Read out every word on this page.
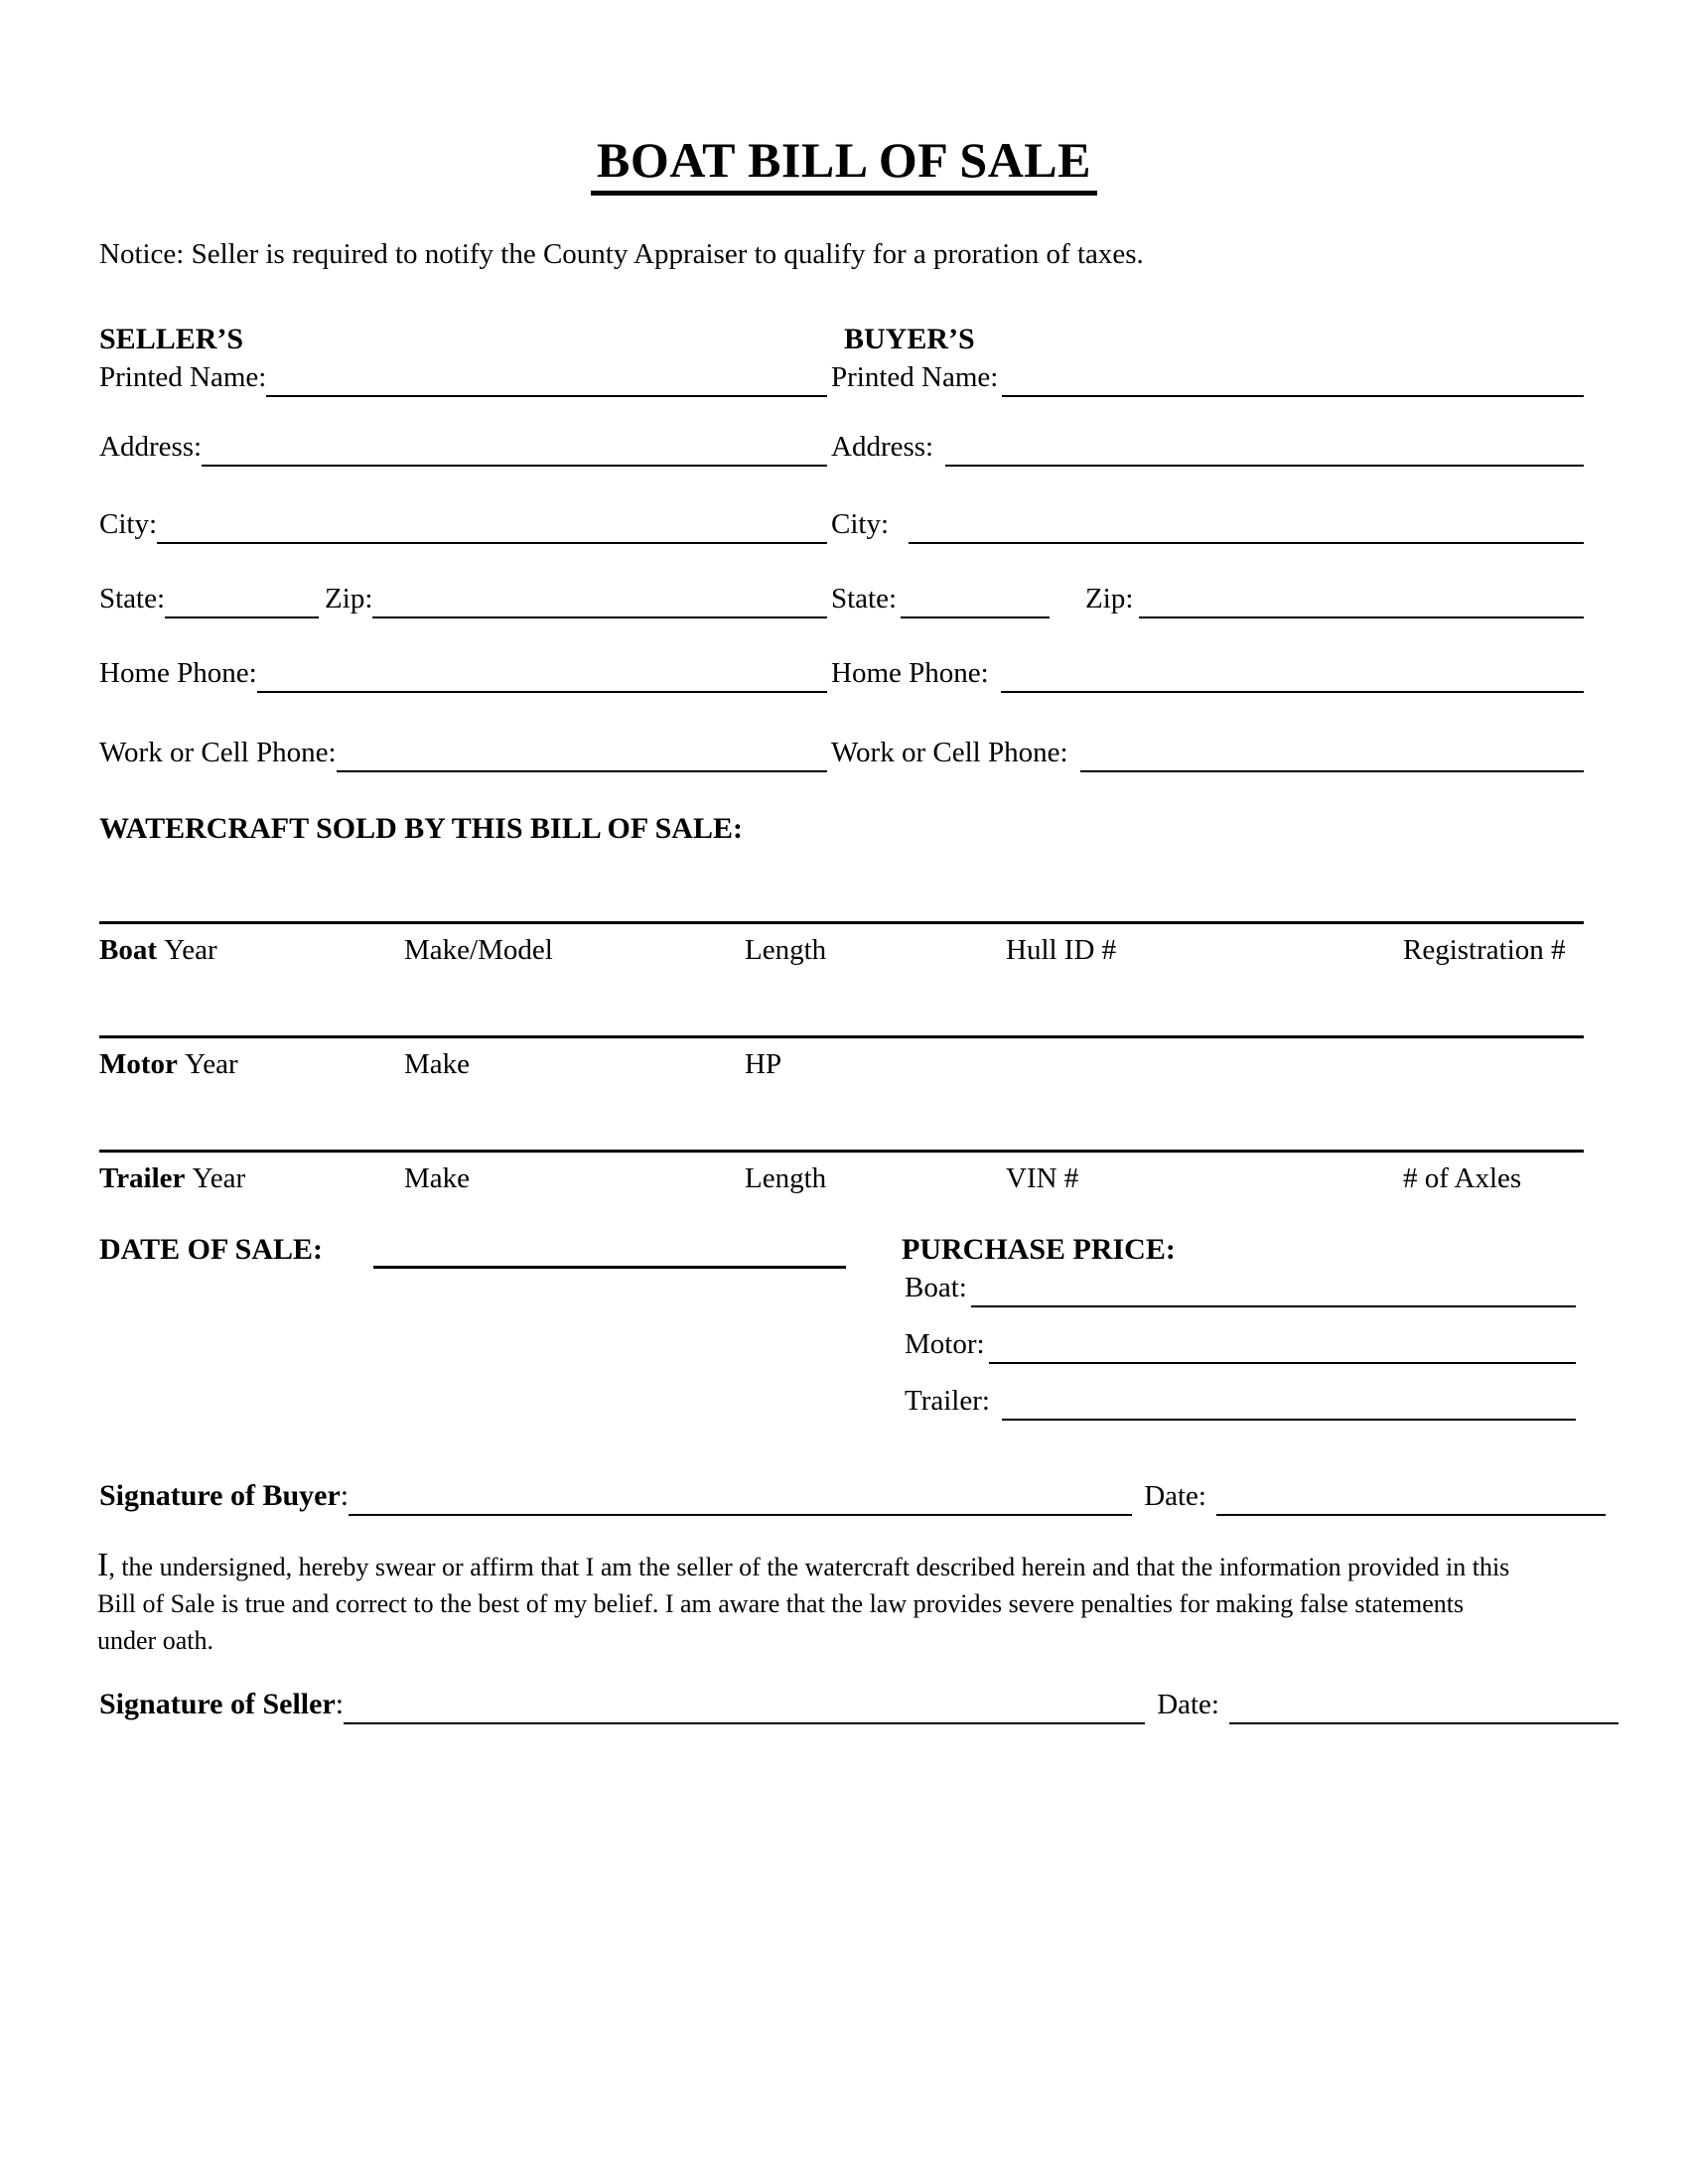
BOAT BILL OF SALE
Notice: Seller is required to notify the County Appraiser to qualify for a proration of taxes.
SELLER’S	BUYER’S
Printed Name:	Printed Name:
Address:	Address:
City:	City:
State:	Zip:	State:	Zip:
Home Phone:	Home Phone:
Work or Cell Phone:	Work or Cell Phone:
WATERCRAFT SOLD BY THIS BILL OF SALE:
Boat Year	Make/Model	Length	Hull ID #	Registration #
Motor Year	Make	HP
Trailer Year	Make	Length	VIN #	# of Axles
DATE OF SALE:	PURCHASE PRICE:
Boat:
Motor:
Trailer:
Signature of Buyer:	Date:
I, the undersigned, hereby swear or affirm that I am the seller of the watercraft described herein and that the information provided in this
Bill of Sale is true and correct to the best of my belief. I am aware that the law provides severe penalties for making false statements
under oath.
Signature of Seller:	Date:
